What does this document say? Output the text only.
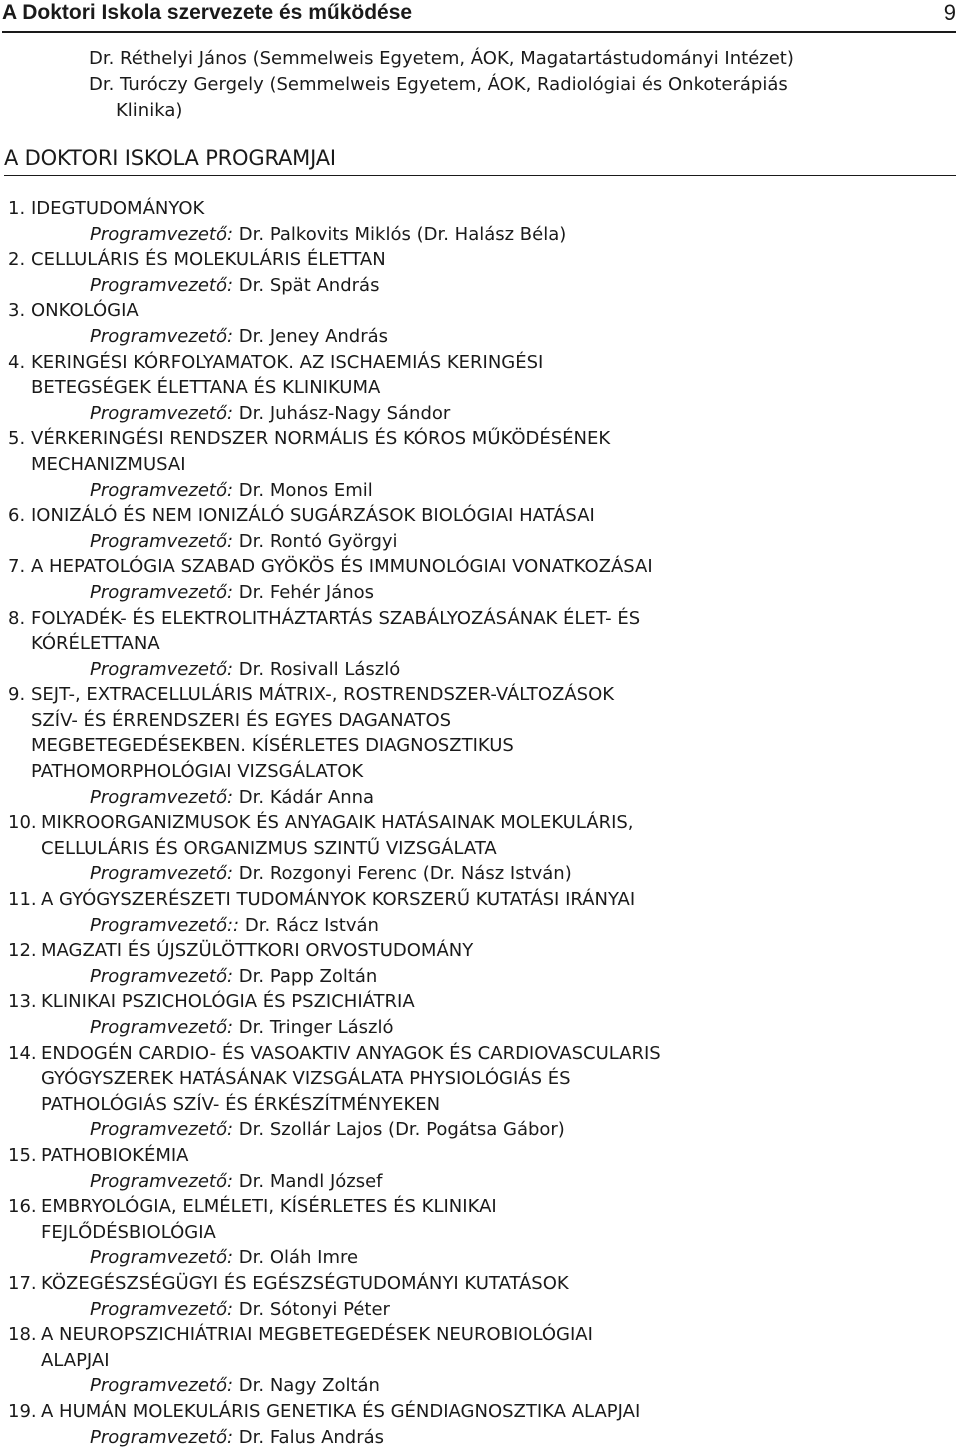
A Doktori Iskola szervezete és működése	9
Dr. Réthelyi János (Semmelweis Egyetem, ÁOK, Magatartástudományi Intézet)
Dr. Turóczy Gergely (Semmelweis Egyetem, ÁOK, Radiológiai és Onkoterápiás
Klinika)
A DOKTORI ISKOLA PROGRAMJAI
1. IDEGTUDOMÁNYOK
Programvezető: Dr. Palkovits Miklós (Dr. Halász Béla)
2. CELLULÁRIS ÉS MOLEKULÁRIS ÉLETTAN
Programvezető: Dr. Spät András
3. ONKOLÓGIA
Programvezető: Dr. Jeney András
4. KERINGÉSI KÓRFOLYAMATOK. AZ ISCHAEMIÁS KERINGÉSI
BETEGSÉGEK ÉLETTANA ÉS KLINIKUMA
Programvezető: Dr. Juhász-Nagy Sándor
5. VÉRKERINGÉSI RENDSZER NORMÁLIS ÉS KÓROS MŰKÖDÉSÉNEK
MECHANIZMUSAI
Programvezető: Dr. Monos Emil
6. IONIZÁLÓ ÉS NEM IONIZÁLÓ SUGÁRZÁSOK BIOLÓGIAI HATÁSAI
Programvezető: Dr. Rontó Györgyi
7. A HEPATOLÓGIA SZABAD GYÖKÖS ÉS IMMUNOLÓGIAI VONATKOZÁSAI
Programvezető: Dr. Fehér János
8. FOLYADÉK- ÉS ELEKTROLITHÁZTARTÁS SZABÁLYOZÁSÁNAK ÉLET- ÉS
KÓRÉLETTANA
Programvezető: Dr. Rosivall László
9. SEJT-, EXTRACELLULÁRIS MÁTRIX-, ROSTRENDSZER-VÁLTOZÁSOK
SZÍV- ÉS ÉRRENDSZERI ÉS EGYES DAGANATOS
MEGBETEGEDÉSEKBEN. KÍSÉRLETES DIAGNOSZTIKUS
PATHOMORPHOLÓGIAI VIZSGÁLATOK
Programvezető: Dr. Kádár Anna
10. MIKROORGANIZMUSOK ÉS ANYAGAIK HATÁSAINAK MOLEKULÁRIS,
CELLULÁRIS ÉS ORGANIZMUS SZINTŰ VIZSGÁLATA
Programvezető: Dr. Rozgonyi Ferenc (Dr. Nász István)
11. A GYÓGYSZERÉSZETI TUDOMÁNYOK KORSZERŰ KUTATÁSI IRÁNYAI
Programvezető:: Dr. Rácz István
12. MAGZATI ÉS ÚJSZÜLÖTTKORI ORVOSTUDOMÁNY
Programvezető: Dr. Papp Zoltán
13. KLINIKAI PSZICHOLÓGIA ÉS PSZICHIÁTRIA
Programvezető: Dr. Tringer László
14. ENDOGÉN CARDIO- ÉS VASOAKTIV ANYAGOK ÉS CARDIOVASCULARIS
GYÓGYSZEREK HATÁSÁNAK VIZSGÁLATA PHYSIOLÓGIÁS ÉS
PATHOLÓGIÁS SZÍV- ÉS ÉRKÉSZÍTMÉNYEKEN
Programvezető: Dr. Szollár Lajos (Dr. Pogátsa Gábor)
15. PATHOBIOKÉMIA
Programvezető: Dr. Mandl József
16. EMBRYOLÓGIA, ELMÉLETI, KÍSÉRLETES ÉS KLINIKAI
FEJLŐDÉSBIOLÓGIA
Programvezető: Dr. Oláh Imre
17. KÖZEGÉSZSÉGÜGYI ÉS EGÉSZSÉGTUDOMÁNYI KUTATÁSOK
Programvezető: Dr. Sótonyi Péter
18. A NEUROPSZICHIÁTRIAI MEGBETEGEDÉSEK NEUROBIOLÓGIAI
ALAPJAI
Programvezető: Dr. Nagy Zoltán
19. A HUMÁN MOLEKULÁRIS GENETIKA ÉS GÉNDIAGNOSZTIKA ALAPJAI
Programvezető: Dr. Falus András
